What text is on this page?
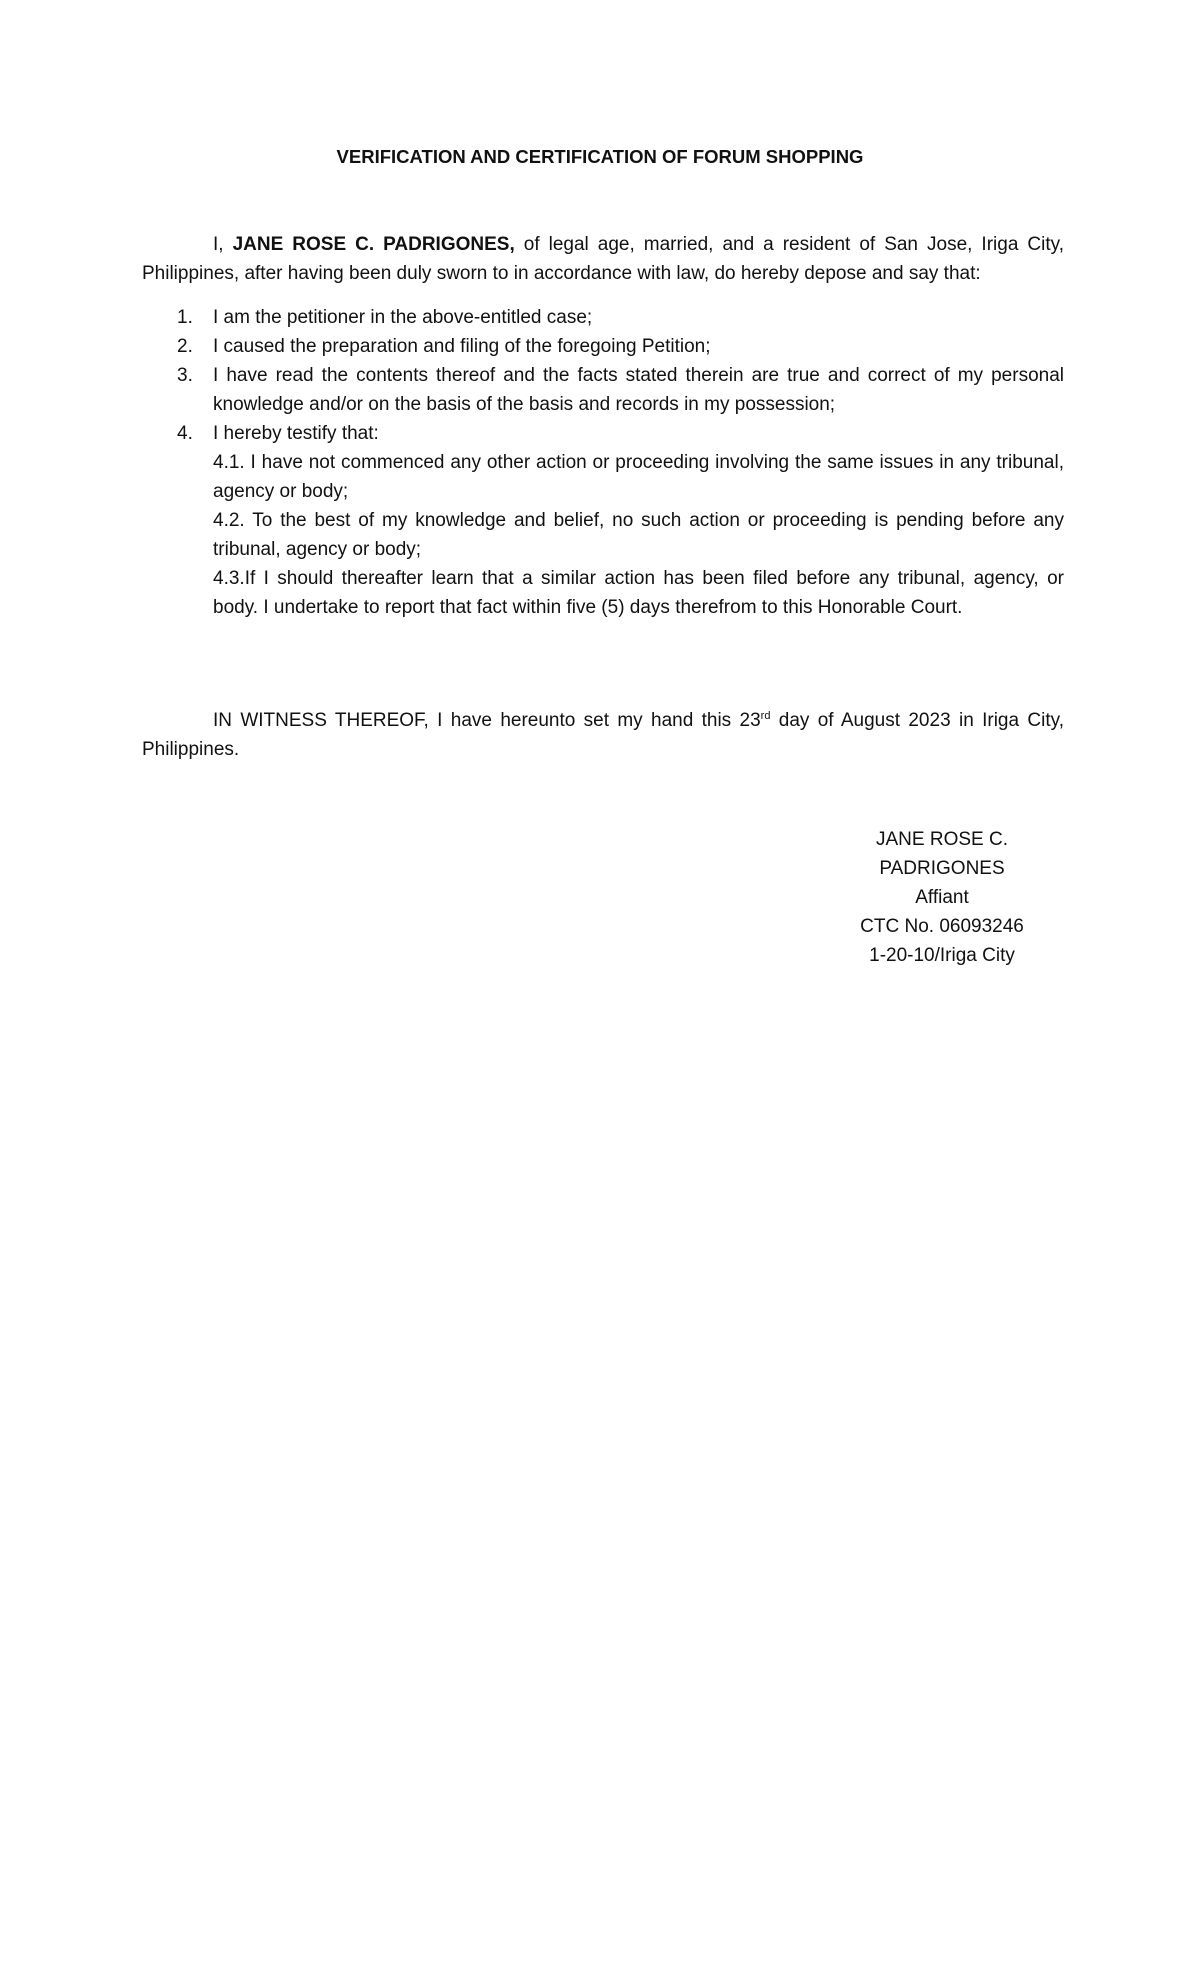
VERIFICATION AND CERTIFICATION OF FORUM SHOPPING

I, JANE ROSE C. PADRIGONES, of legal age, married, and a resident of San Jose, Iriga City, Philippines, after having been duly sworn to in accordance with law, do hereby depose and say that:

1. I am the petitioner in the above-entitled case;
2. I caused the preparation and filing of the foregoing Petition;
3. I have read the contents thereof and the facts stated therein are true and correct of my personal knowledge and/or on the basis of the basis and records in my possession;
4. I hereby testify that:

4.1. I have not commenced any other action or proceeding involving the same issues in any tribunal, agency or body;

4.2. To the best of my knowledge and belief, no such action or proceeding is pending before any tribunal, agency or body;

4.3.If I should thereafter learn that a similar action has been filed before any tribunal, agency, or body. I undertake to report that fact within five (5) days therefrom to this Honorable Court.

IN WITNESS THEREOF, I have hereunto set my hand this 23rd day of August 2023 in Iriga City, Philippines.

JANE ROSE C. PADRIGONES
Affiant
CTC No. 06093246
1-20-10/Iriga City
